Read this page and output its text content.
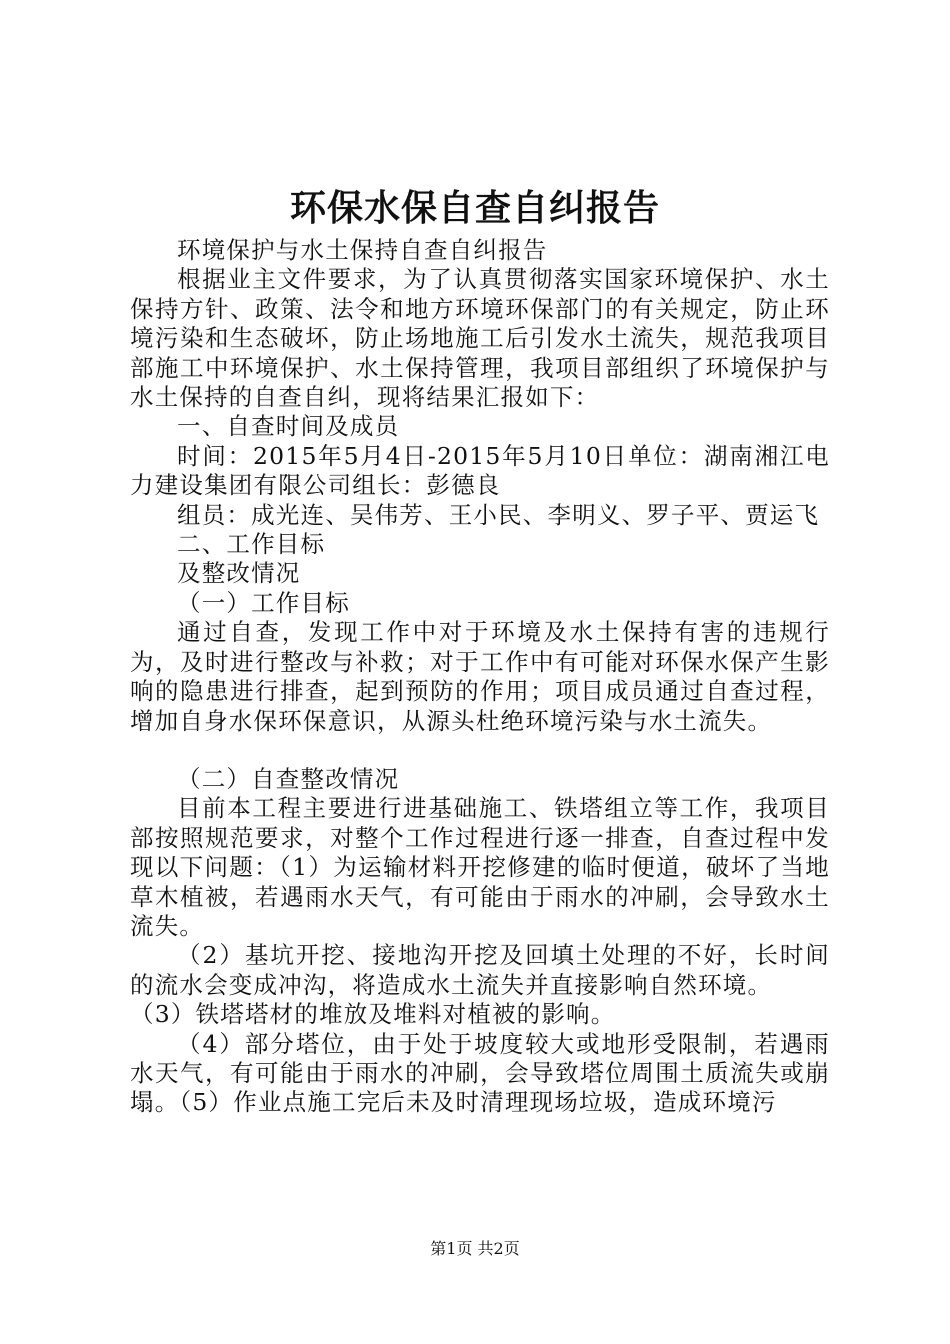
环保水保自查自纠报告

环境保护与水土保持自查自纠报告

根据业主文件要求，为了认真贯彻落实国家环境保护、水土保持方针、政策、法令和地方环境环保部门的有关规定，防止环境污染和生态破坏，防止场地施工后引发水土流失，规范我项目部施工中环境保护、水土保持管理，我项目部组织了环境保护与水土保持的自查自纠，现将结果汇报如下：

一、自查时间及成员

时间：2015年5月4日-2015年5月10日单位：湖南湘江电力建设集团有限公司组长：彭德良

组员：成光连、吴伟芳、王小民、李明义、罗子平、贾运飞

二、工作目标

及整改情况

（一）工作目标

通过自查，发现工作中对于环境及水土保持有害的违规行为，及时进行整改与补救；对于工作中有可能对环保水保产生影响的隐患进行排查，起到预防的作用；项目成员通过自查过程，增加自身水保环保意识，从源头杜绝环境污染与水土流失。

（二）自查整改情况

目前本工程主要进行进基础施工、铁塔组立等工作，我项目部按照规范要求，对整个工作过程进行逐一排查，自查过程中发现以下问题：（1）为运输材料开挖修建的临时便道，破坏了当地草木植被，若遇雨水天气，有可能由于雨水的冲刷，会导致水土流失。

（2）基坑开挖、接地沟开挖及回填土处理的不好，长时间的流水会变成冲沟，将造成水土流失并直接影响自然环境。

（3）铁塔塔材的堆放及堆料对植被的影响。

（4）部分塔位，由于处于坡度较大或地形受限制，若遇雨水天气，有可能由于雨水的冲刷，会导致塔位周围土质流失或崩塌。（5）作业点施工完后未及时清理现场垃圾，造成环境污

第1页 共2页
